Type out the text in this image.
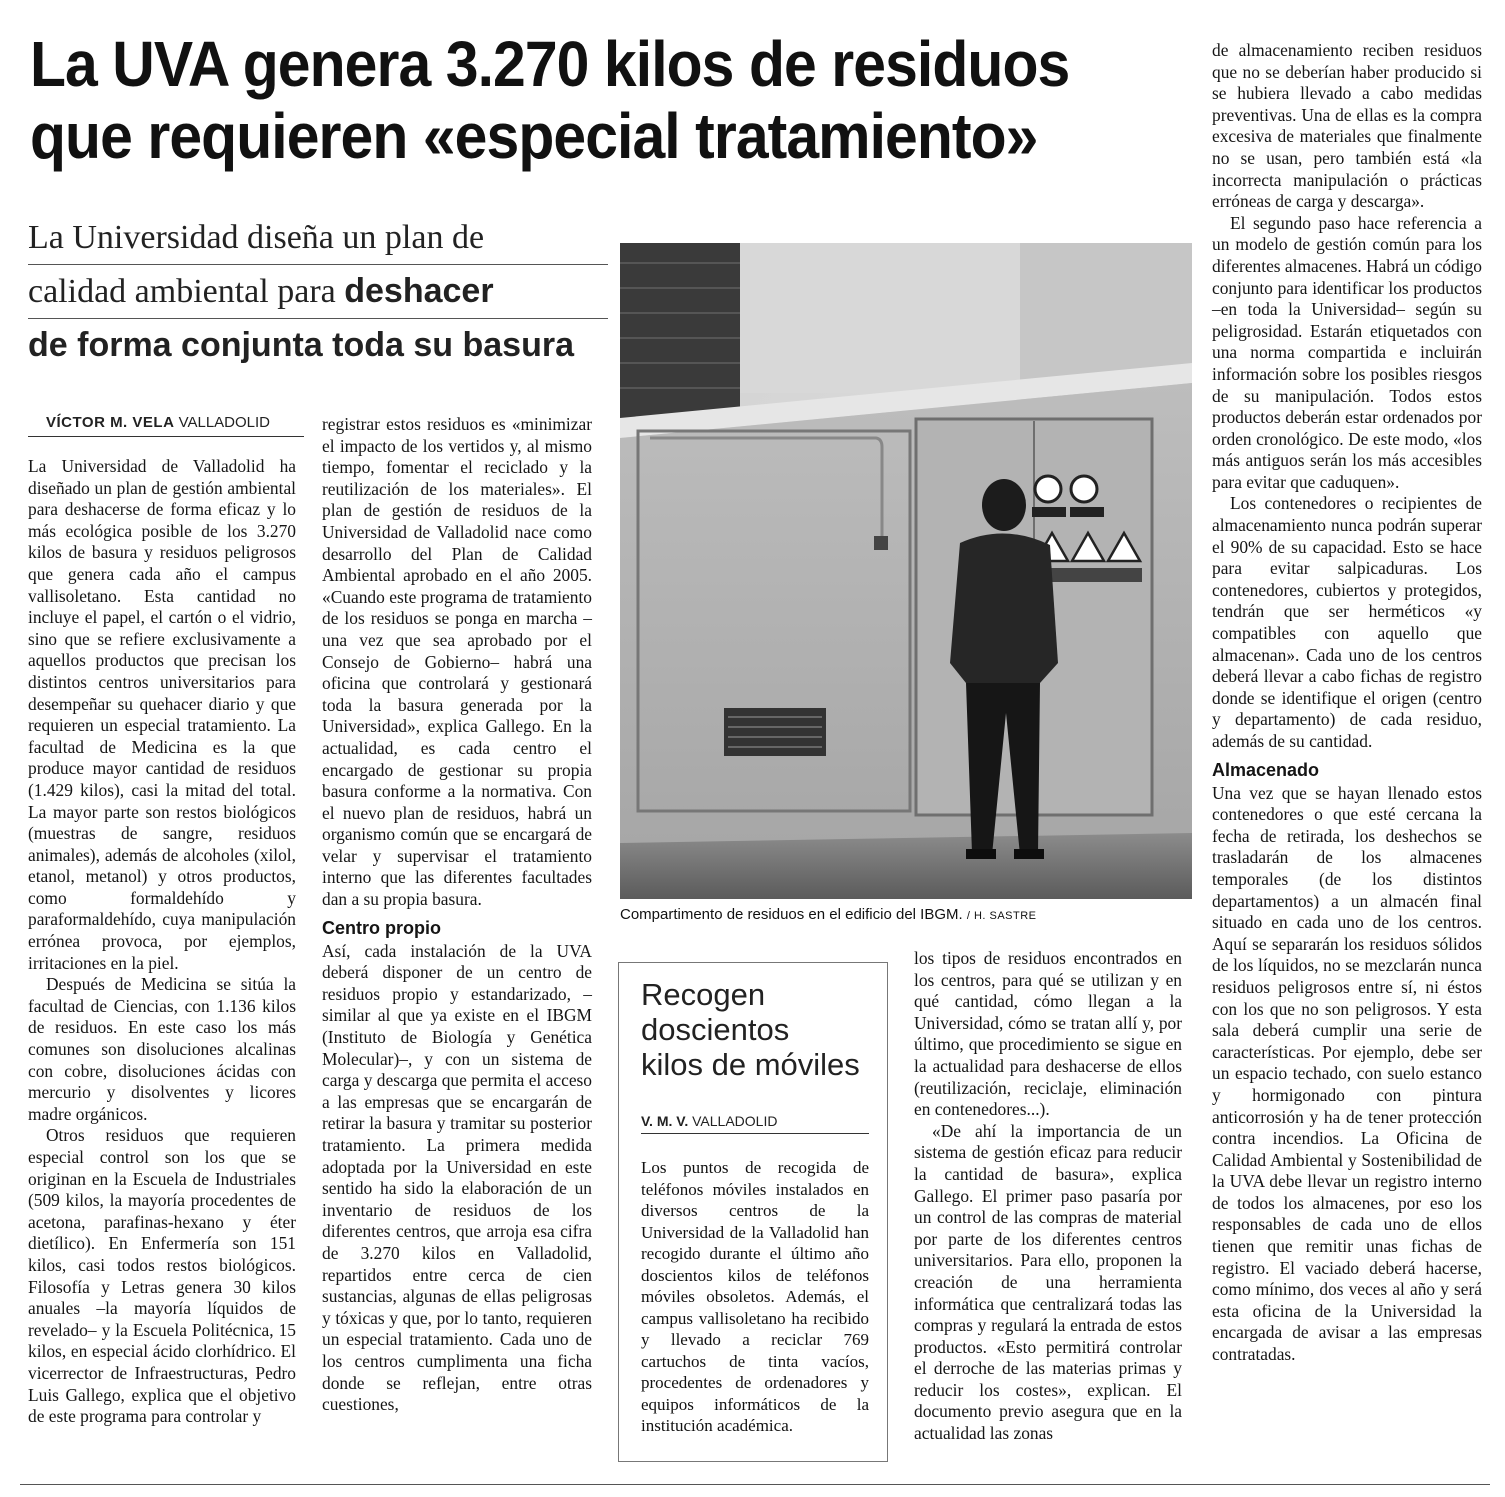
La UVA genera 3.270 kilos de residuos
que requieren «especial tratamiento»
La Universidad diseña un plan de
calidad ambiental para deshacer
de forma conjunta toda su basura
VÍCTOR M. VELA VALLADOLID

La Universidad de Valladolid ha diseñado un plan de gestión ambiental para deshacerse de forma eficaz y lo más ecológica posible de los 3.270 kilos de basura y residuos peligrosos que genera cada año el campus vallisoletano. Esta cantidad no incluye el papel, el cartón o el vidrio, sino que se refiere exclusivamente a aquellos productos que precisan los distintos centros universitarios para desempeñar su quehacer diario y que requieren un especial tratamiento. La facultad de Medicina es la que produce mayor cantidad de residuos (1.429 kilos), casi la mitad del total. La mayor parte son restos biológicos (muestras de sangre, residuos animales), además de alcoholes (xilol, etanol, metanol) y otros productos, como formaldehído y paraformaldehído, cuya manipulación errónea provoca, por ejemplos, irritaciones en la piel.

Después de Medicina se sitúa la facultad de Ciencias, con 1.136 kilos de residuos. En este caso los más comunes son disoluciones alcalinas con cobre, disoluciones ácidas con mercurio y disolventes y licores madre orgánicos.

Otros residuos que requieren especial control son los que se originan en la Escuela de Industriales (509 kilos, la mayoría procedentes de acetona, parafinas-hexano y éter dietílico). En Enfermería son 151 kilos, casi todos restos biológicos. Filosofía y Letras genera 30 kilos anuales –la mayoría líquidos de revelado– y la Escuela Politécnica, 15 kilos, en especial ácido clorhídrico. El vicerrector de Infraestructuras, Pedro Luis Gallego, explica que el objetivo de este programa para controlar y

registrar estos residuos es «minimizar el impacto de los vertidos y, al mismo tiempo, fomentar el reciclado y la reutilización de los materiales». El plan de gestión de residuos de la Universidad de Valladolid nace como desarrollo del Plan de Calidad Ambiental aprobado en el año 2005. «Cuando este programa de tratamiento de los residuos se ponga en marcha –una vez que sea aprobado por el Consejo de Gobierno– habrá una oficina que controlará y gestionará toda la basura generada por la Universidad», explica Gallego. En la actualidad, es cada centro el encargado de gestionar su propia basura conforme a la normativa. Con el nuevo plan de residuos, habrá un organismo común que se encargará de velar y supervisar el tratamiento interno que las diferentes facultades dan a su propia basura.

Centro propio

Así, cada instalación de la UVA deberá disponer de un centro de residuos propio y estandarizado, –similar al que ya existe en el IBGM (Instituto de Biología y Genética Molecular)–, y con un sistema de carga y descarga que permita el acceso a las empresas que se encargarán de retirar la basura y tramitar su posterior tratamiento. La primera medida adoptada por la Universidad en este sentido ha sido la elaboración de un inventario de residuos de los diferentes centros, que arroja esa cifra de 3.270 kilos en Valladolid, repartidos entre cerca de cien sustancias, algunas de ellas peligrosas y tóxicas y que, por lo tanto, requieren un especial tratamiento. Cada uno de los centros cumplimenta una ficha donde se reflejan, entre otras cuestiones,

Compartimento de residuos en el edificio del IBGM. / H. SASTRE
Recogen
doscientos
kilos de móviles
V. M. V. VALLADOLID
Los puntos de recogida de teléfonos móviles instalados en diversos centros de la Universidad de la Valladolid han recogido durante el último año doscientos kilos de teléfonos móviles obsoletos. Además, el campus vallisoletano ha recibido y llevado a reciclar 769 cartuchos de tinta vacíos, procedentes de ordenadores y equipos informáticos de la institución académica.

los tipos de residuos encontrados en los centros, para qué se utilizan y en qué cantidad, cómo llegan a la Universidad, cómo se tratan allí y, por último, que procedimiento se sigue en la actualidad para deshacerse de ellos (reutilización, reciclaje, eliminación en contenedores...).

«De ahí la importancia de un sistema de gestión eficaz para reducir la cantidad de basura», explica Gallego. El primer paso pasaría por un control de las compras de material por parte de los diferentes centros universitarios. Para ello, proponen la creación de una herramienta informática que centralizará todas las compras y regulará la entrada de estos productos. «Esto permitirá controlar el derroche de las materias primas y reducir los costes», explican. El documento previo asegura que en la actualidad las zonas

de almacenamiento reciben residuos que no se deberían haber producido si se hubiera llevado a cabo medidas preventivas. Una de ellas es la compra excesiva de materiales que finalmente no se usan, pero también está «la incorrecta manipulación o prácticas erróneas de carga y descarga».

El segundo paso hace referencia a un modelo de gestión común para los diferentes almacenes. Habrá un código conjunto para identificar los productos –en toda la Universidad– según su peligrosidad. Estarán etiquetados con una norma compartida e incluirán información sobre los posibles riesgos de su manipulación. Todos estos productos deberán estar ordenados por orden cronológico. De este modo, «los más antiguos serán los más accesibles para evitar que caduquen».

Los contenedores o recipientes de almacenamiento nunca podrán superar el 90% de su capacidad. Esto se hace para evitar salpicaduras. Los contenedores, cubiertos y protegidos, tendrán que ser herméticos «y compatibles con aquello que almacenan». Cada uno de los centros deberá llevar a cabo fichas de registro donde se identifique el origen (centro y departamento) de cada residuo, además de su cantidad.

Almacenado

Una vez que se hayan llenado estos contenedores o que esté cercana la fecha de retirada, los deshechos se trasladarán de los almacenes temporales (de los distintos departamentos) a un almacén final situado en cada uno de los centros. Aquí se separarán los residuos sólidos de los líquidos, no se mezclarán nunca residuos peligrosos entre sí, ni éstos con los que no son peligrosos. Y esta sala deberá cumplir una serie de características. Por ejemplo, debe ser un espacio techado, con suelo estanco y hormigonado con pintura anticorrosión y ha de tener protección contra incendios. La Oficina de Calidad Ambiental y Sostenibilidad de la UVA debe llevar un registro interno de todos los almacenes, por eso los responsables de cada uno de ellos tienen que remitir unas fichas de registro. El vaciado deberá hacerse, como mínimo, dos veces al año y será esta oficina de la Universidad la encargada de avisar a las empresas contratadas.
